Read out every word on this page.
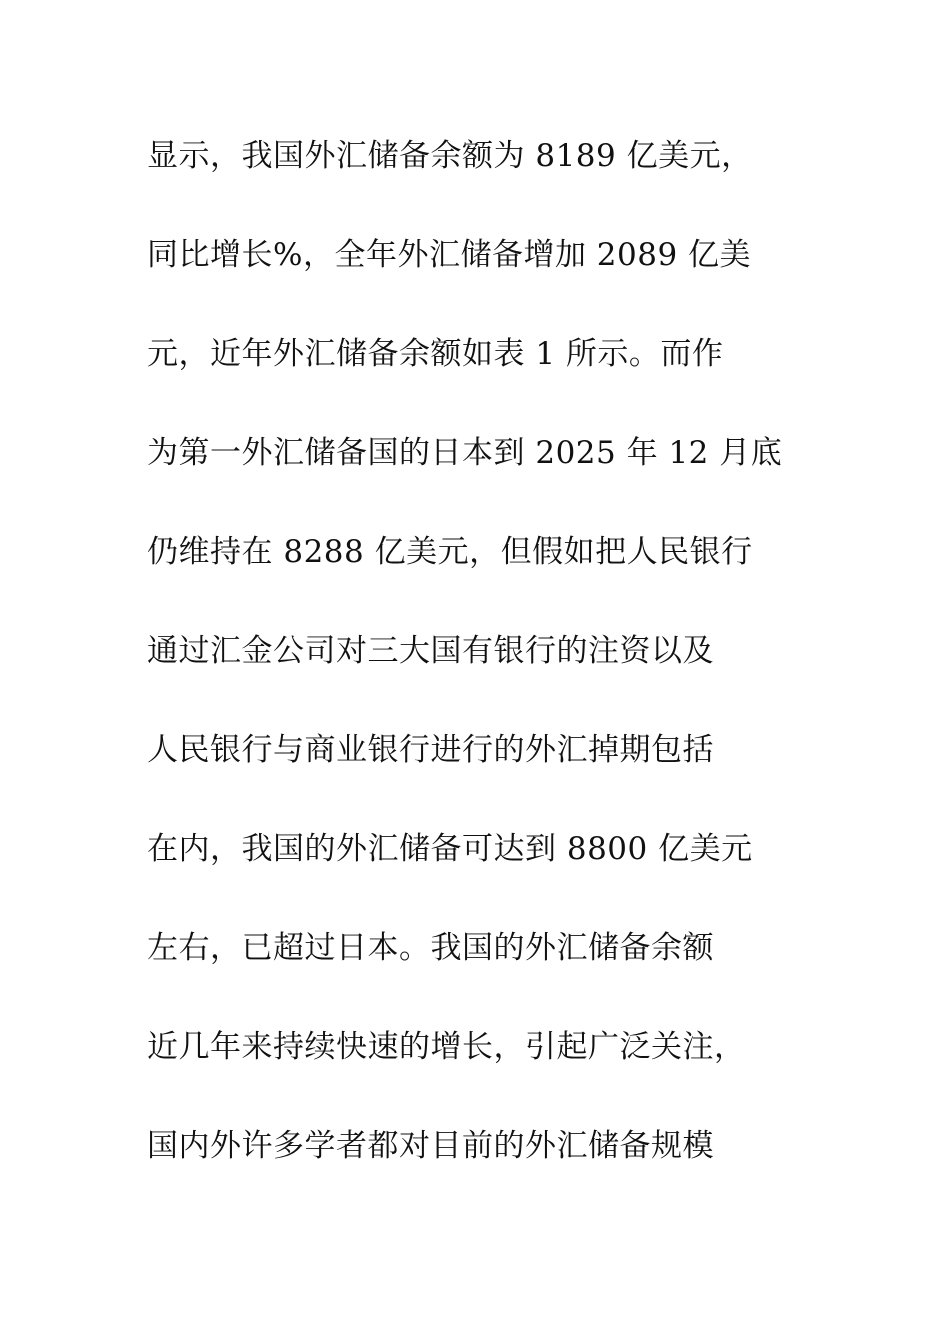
显示，我国外汇储备余额为 8189 亿美元，
同比增长%，全年外汇储备增加 2089 亿美
元，近年外汇储备余额如表 1 所示。而作
为第一外汇储备国的日本到 2025 年 12 月底
仍维持在 8288 亿美元，但假如把人民银行
通过汇金公司对三大国有银行的注资以及
人民银行与商业银行进行的外汇掉期包括
在内，我国的外汇储备可达到 8800 亿美元
左右，已超过日本。我国的外汇储备余额
近几年来持续快速的增长，引起广泛关注，
国内外许多学者都对目前的外汇储备规模
